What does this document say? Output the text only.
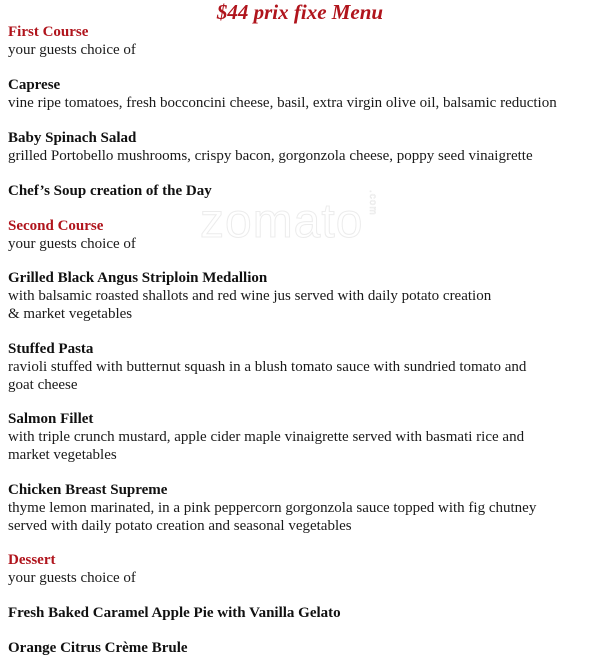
zomato .com
$44 prix fixe Menu
First Course
your guests choice of
Caprese
vine ripe tomatoes, fresh bocconcini cheese, basil, extra virgin olive oil, balsamic reduction
Baby Spinach Salad
grilled Portobello mushrooms, crispy bacon, gorgonzola cheese, poppy seed vinaigrette
Chef’s Soup creation of the Day
Second Course
your guests choice of
Grilled Black Angus Striploin Medallion
with balsamic roasted shallots and red wine jus served with daily potato creation
& market vegetables
Stuffed Pasta
ravioli stuffed with butternut squash in a blush tomato sauce with sundried tomato and
goat cheese
Salmon Fillet
with triple crunch mustard, apple cider maple vinaigrette served with basmati rice and
market vegetables
Chicken Breast Supreme
thyme lemon marinated, in a pink peppercorn gorgonzola sauce topped with fig chutney
served with daily potato creation and seasonal vegetables
Dessert
your guests choice of
Fresh Baked Caramel Apple Pie with Vanilla Gelato
Orange Citrus Crème Brule
